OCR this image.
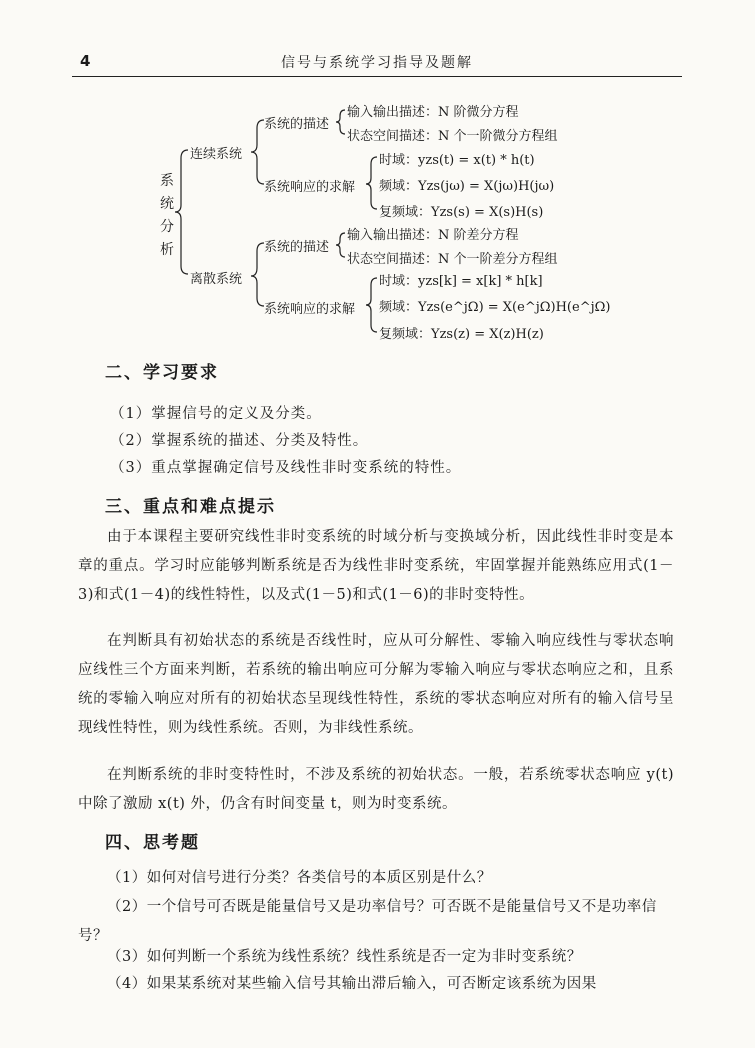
4	信号与系统学习指导及题解
系
统
分
析
连续系统
离散系统
系统的描述
输入输出描述：N 阶微分方程
状态空间描述：N 个一阶微分方程组
系统响应的求解
时域：yzs(t) = x(t) * h(t)
频域：Yzs(jω) = X(jω)H(jω)
复频域：Yzs(s) = X(s)H(s)
系统的描述
输入输出描述：N 阶差分方程
状态空间描述：N 个一阶差分方程组
系统响应的求解
时域：yzs[k] = x[k] * h[k]
频域：Yzs(e^jΩ) = X(e^jΩ)H(e^jΩ)
复频域：Yzs(z) = X(z)H(z)
二、学习要求
（1）掌握信号的定义及分类。
（2）掌握系统的描述、分类及特性。
（3）重点掌握确定信号及线性非时变系统的特性。
三、重点和难点提示
由于本课程主要研究线性非时变系统的时域分析与变换域分析，因此线性非时变是本章的重点。学习时应能够判断系统是否为线性非时变系统，牢固掌握并能熟练应用式(1－3)和式(1－4)的线性特性，以及式(1－5)和式(1－6)的非时变特性。
在判断具有初始状态的系统是否线性时，应从可分解性、零输入响应线性与零状态响应线性三个方面来判断，若系统的输出响应可分解为零输入响应与零状态响应之和，且系统的零输入响应对所有的初始状态呈现线性特性，系统的零状态响应对所有的输入信号呈现线性特性，则为线性系统。否则，为非线性系统。
在判断系统的非时变特性时，不涉及系统的初始状态。一般，若系统零状态响应 y(t) 中除了激励 x(t) 外，仍含有时间变量 t，则为时变系统。
四、思考题
（1）如何对信号进行分类？各类信号的本质区别是什么？
（2）一个信号可否既是能量信号又是功率信号？可否既不是能量信号又不是功率信号？
（3）如何判断一个系统为线性系统？线性系统是否一定为非时变系统？
（4）如果某系统对某些输入信号其输出滞后输入，可否断定该系统为因果
